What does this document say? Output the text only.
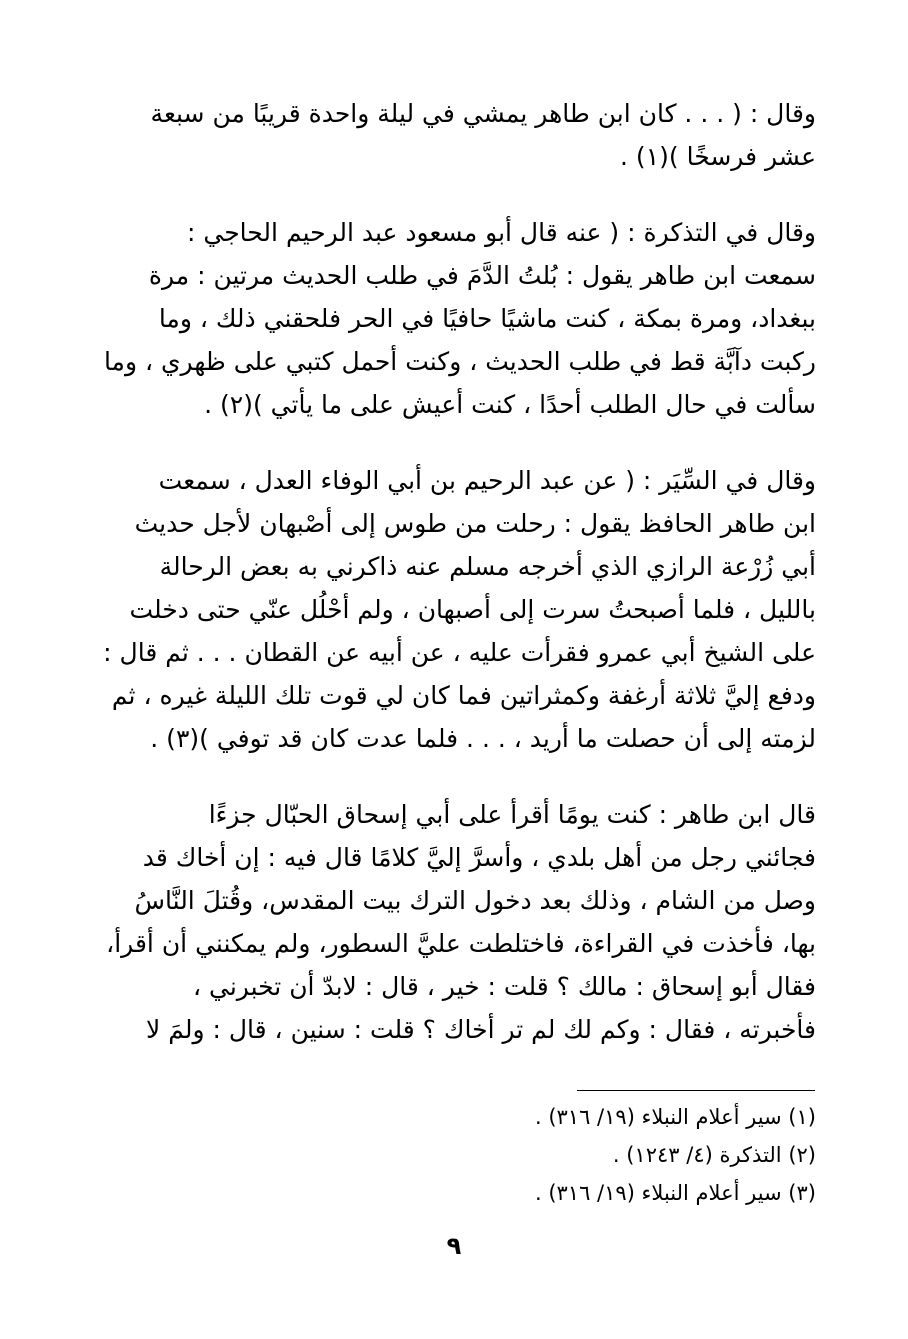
وقال : ( . . . كان ابن طاهر يمشي في ليلة واحدة قريبًا من سبعة
عشر فرسخًا )(١) .
وقال في التذكرة : ( عنه قال أبو مسعود عبد الرحيم الحاجي :
سمعت ابن طاهر يقول : بُلتُ الدَّمَ في طلب الحديث مرتين : مرة
ببغداد، ومرة بمكة ، كنت ماشيًا حافيًا في الحر فلحقني ذلك ، وما
ركبت دآبَّة قط في طلب الحديث ، وكنت أحمل كتبي على ظهري ، وما
سألت في حال الطلب أحدًا ، كنت أعيش على ما يأتي )(٢) .
وقال في السِّيَر : ( عن عبد الرحيم بن أبي الوفاء العدل ، سمعت
ابن طاهر الحافظ يقول : رحلت من طوس إلى أصْبهان لأجل حديث
أبي زُرْعة الرازي الذي أخرجه مسلم عنه ذاكرني به بعض الرحالة
بالليل ، فلما أصبحتُ سرت إلى أصبهان ، ولم أحْلُل عنّي حتى دخلت
على الشيخ أبي عمرو فقرأت عليه ، عن أبيه عن القطان . . . ثم قال :
ودفع إليَّ ثلاثة أرغفة وكمثراتين فما كان لي قوت تلك الليلة غيره ، ثم
لزمته إلى أن حصلت ما أريد ، . . . فلما عدت كان قد توفي )(٣) .
قال ابن طاهر : كنت يومًا أقرأ على أبي إسحاق الحبّال جزءًا
فجائني رجل من أهل بلدي ، وأسرَّ إليَّ كلامًا قال فيه : إن أخاك قد
وصل من الشام ، وذلك بعد دخول الترك بيت المقدس، وقُتلَ النَّاسُ
بها، فأخذت في القراءة، فاختلطت عليَّ السطور، ولم يمكنني أن أقرأ،
فقال أبو إسحاق : مالك ؟ قلت : خير ، قال : لابدّ أن تخبرني ،
فأخبرته ، فقال : وكم لك لم تر أخاك ؟ قلت : سنين ، قال : ولمَ لا
(١) سير أعلام النبلاء (١٩/ ٣١٦) .
(٢) التذكرة (٤/ ١٢٤٣) .
(٣) سير أعلام النبلاء (١٩/ ٣١٦) .
٩
